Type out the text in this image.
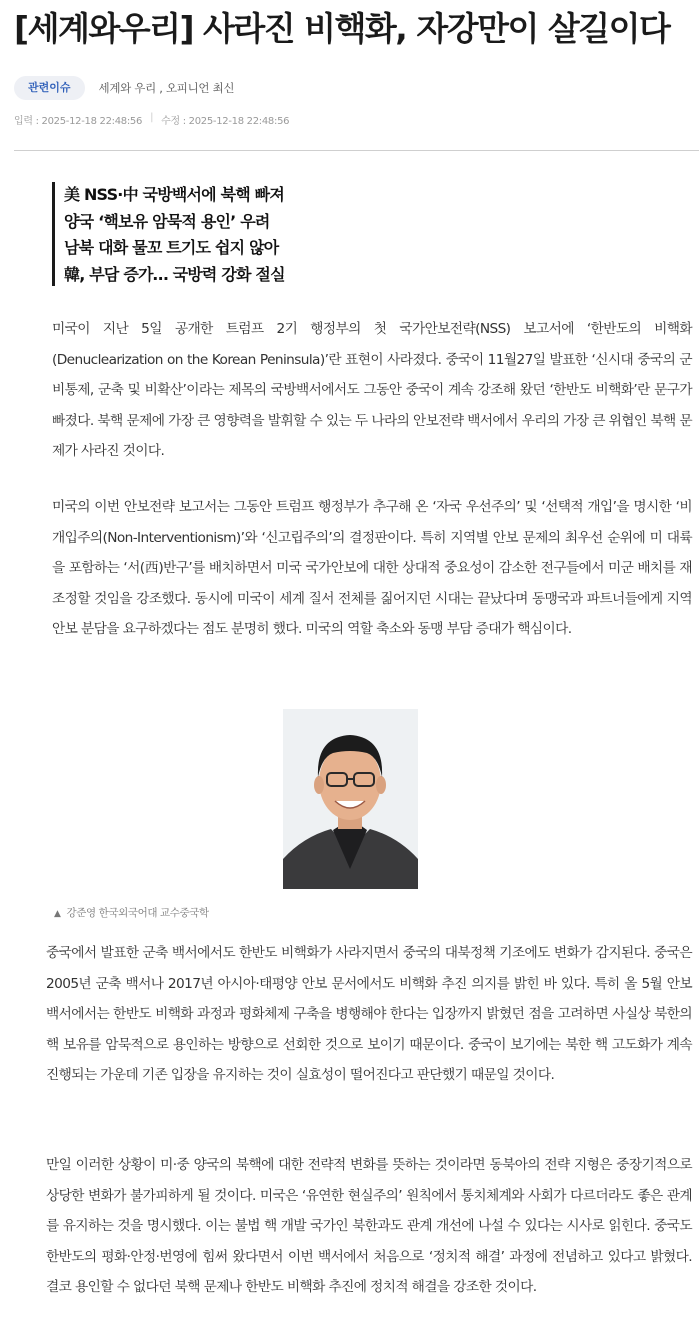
[세계와우리] 사라진 비핵화, 자강만이 살길이다
관련이슈	세계와 우리 , 오피니언 최신
입력 : 2025-12-18 22:48:56 | 수정 : 2025-12-18 22:48:56
美 NSS·中 국방백서에 북핵 빠져
양국 ‘핵보유 암묵적 용인’ 우려
남북 대화 물꼬 트기도 쉽지 않아
韓, 부담 증가… 국방력 강화 절실

미국이 지난 5일 공개한 트럼프 2기 행정부의 첫 국가안보전략(NSS) 보고서에 ‘한반도의 비핵화(Denuclearization on the Korean Peninsula)’란 표현이 사라졌다. 중국이 11월27일 발표한 ‘신시대 중국의 군비통제, 군축 및 비확산’이라는 제목의 국방백서에서도 그동안 중국이 계속 강조해 왔던 ‘한반도 비핵화’란 문구가 빠졌다. 북핵 문제에 가장 큰 영향력을 발휘할 수 있는 두 나라의 안보전략 백서에서 우리의 가장 큰 위협인 북핵 문제가 사라진 것이다.

미국의 이번 안보전략 보고서는 그동안 트럼프 행정부가 추구해 온 ‘자국 우선주의’ 및 ‘선택적 개입’을 명시한 ‘비개입주의(Non-Interventionism)’와 ‘신고립주의’의 결정판이다. 특히 지역별 안보 문제의 최우선 순위에 미 대륙을 포함하는 ‘서(西)반구’를 배치하면서 미국 국가안보에 대한 상대적 중요성이 감소한 전구들에서 미군 배치를 재조정할 것임을 강조했다. 동시에 미국이 세계 질서 전체를 짊어지던 시대는 끝났다며 동맹국과 파트너들에게 지역안보 분담을 요구하겠다는 점도 분명히 했다. 미국의 역할 축소와 동맹 부담 증대가 핵심이다.

▲ 강준영 한국외국어대 교수중국학

중국에서 발표한 군축 백서에서도 한반도 비핵화가 사라지면서 중국의 대북정책 기조에도 변화가 감지된다. 중국은 2005년 군축 백서나 2017년 아시아·태평양 안보 문서에서도 비핵화 추진 의지를 밝힌 바 있다. 특히 올 5월 안보 백서에서는 한반도 비핵화 과정과 평화체제 구축을 병행해야 한다는 입장까지 밝혔던 점을 고려하면 사실상 북한의 핵 보유를 암묵적으로 용인하는 방향으로 선회한 것으로 보이기 때문이다. 중국이 보기에는 북한 핵 고도화가 계속 진행되는 가운데 기존 입장을 유지하는 것이 실효성이 떨어진다고 판단했기 때문일 것이다.

만일 이러한 상황이 미·중 양국의 북핵에 대한 전략적 변화를 뜻하는 것이라면 동북아의 전략 지형은 중장기적으로 상당한 변화가 불가피하게 될 것이다. 미국은 ‘유연한 현실주의’ 원칙에서 통치체계와 사회가 다르더라도 좋은 관계를 유지하는 것을 명시했다. 이는 불법 핵 개발 국가인 북한과도 관계 개선에 나설 수 있다는 시사로 읽힌다. 중국도 한반도의 평화·안정·번영에 힘써 왔다면서 이번 백서에서 처음으로 ‘정치적 해결’ 과정에 전념하고 있다고 밝혔다. 결코 용인할 수 없다던 북핵 문제나 한반도 비핵화 추진에 정치적 해결을 강조한 것이다.
